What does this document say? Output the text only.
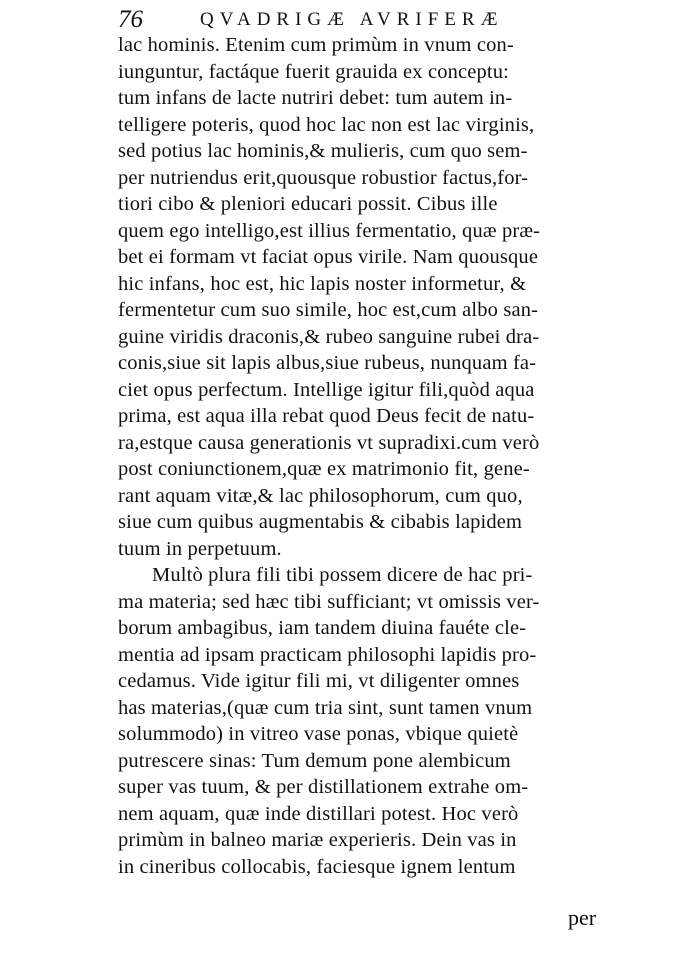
76	QVADRIGÆ AVRIFERÆ
lac hominis. Etenim cum primùm in vnum con-
iunguntur, factáque fuerit grauida ex conceptu:
tum infans de lacte nutriri debet: tum autem in-
telligere poteris, quod hoc lac non est lac virginis,
sed potius lac hominis,& mulieris, cum quo sem-
per nutriendus erit,quousque robustior factus,for-
tiori cibo & pleniori educari possit. Cibus ille
quem ego intelligo,est illius fermentatio, quæ præ-
bet ei formam vt faciat opus virile. Nam quousque
hic infans, hoc est, hic lapis noster informetur, &
fermentetur cum suo simile, hoc est,cum albo san-
guine viridis draconis,& rubeo sanguine rubei dra-
conis,siue sit lapis albus,siue rubeus, nunquam fa-
ciet opus perfectum. Intellige igitur fili,quòd aqua
prima, est aqua illa rebat quod Deus fecit de natu-
ra,estque causa generationis vt supradixi.cum verò
post coniunctionem,quæ ex matrimonio fit, gene-
rant aquam vitæ,& lac philosophorum, cum quo,
siue cum quibus augmentabis & cibabis lapidem
tuum in perpetuum.
Multò plura fili tibi possem dicere de hac pri-
ma materia; sed hæc tibi sufficiant; vt omissis ver-
borum ambagibus, iam tandem diuina fauéte cle-
mentia ad ipsam practicam philosophi lapidis pro-
cedamus. Vide igitur fili mi, vt diligenter omnes
has materias,(quæ cum tria sint, sunt tamen vnum
solummodo) in vitreo vase ponas, vbique quietè
putrescere sinas: Tum demum pone alembicum
super vas tuum, & per distillationem extrahe om-
nem aquam, quæ inde distillari potest. Hoc verò
primùm in balneo mariæ experieris. Dein vas in
in cineribus collocabis, faciesque ignem lentum
per
